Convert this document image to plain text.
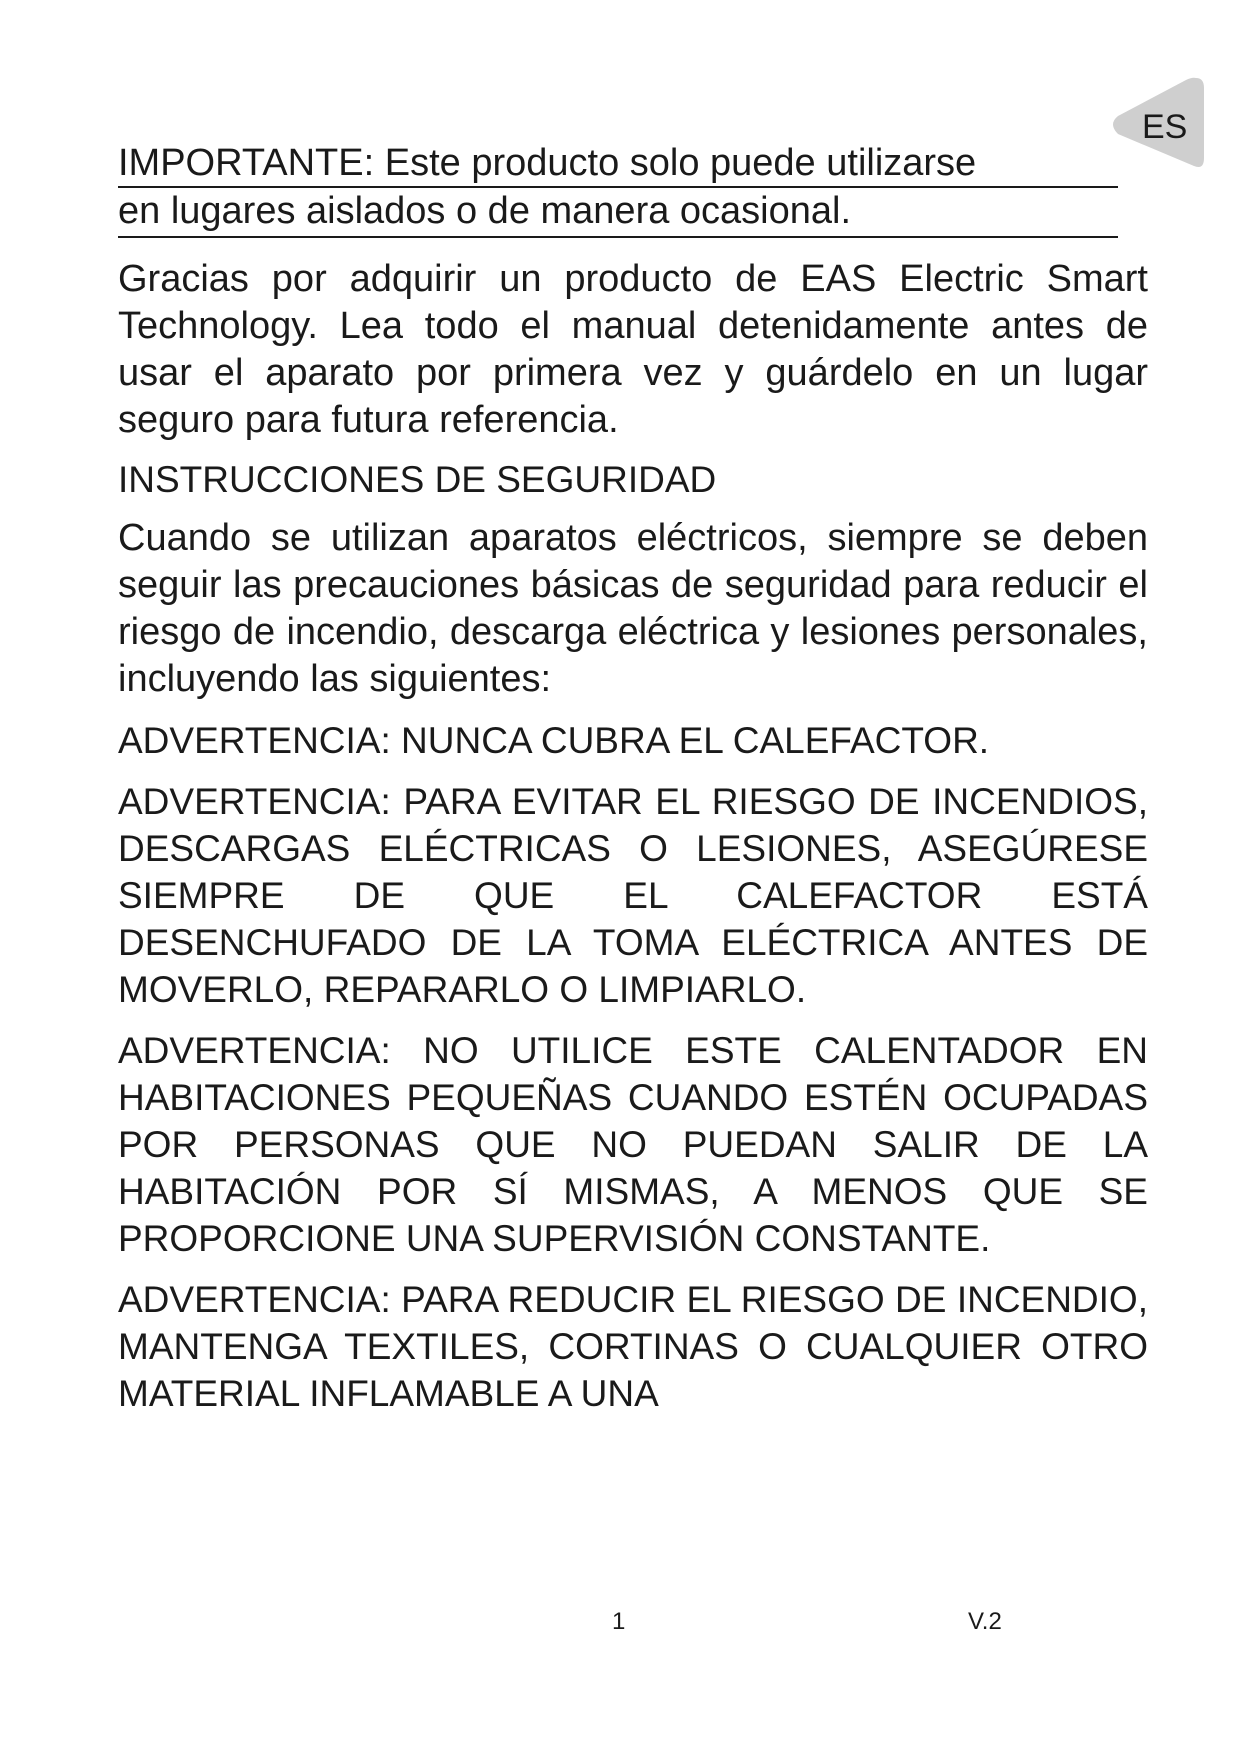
ES
IMPORTANTE: Este producto solo puede utilizarse
en lugares aislados o de manera ocasional.

Gracias por adquirir un producto de EAS Electric Smart Technology. Lea todo el manual detenidamente antes de usar el aparato por primera vez y guárdelo en un lugar seguro para futura referencia.

INSTRUCCIONES DE SEGURIDAD

Cuando se utilizan aparatos eléctricos, siempre se deben seguir las precauciones básicas de seguridad para reducir el riesgo de incendio, descarga eléctrica y lesiones personales, incluyendo las siguientes:

ADVERTENCIA: NUNCA CUBRA EL CALEFACTOR.

ADVERTENCIA: PARA EVITAR EL RIESGO DE INCENDIOS, DESCARGAS ELÉCTRICAS O LESIONES, ASEGÚRESE SIEMPRE DE QUE EL CALEFACTOR ESTÁ DESENCHUFADO DE LA TOMA ELÉCTRICA ANTES DE MOVERLO, REPARARLO O LIMPIARLO.

ADVERTENCIA: NO UTILICE ESTE CALENTADOR EN HABITACIONES PEQUEÑAS CUANDO ESTÉN OCUPADAS POR PERSONAS QUE NO PUEDAN SALIR DE LA HABITACIÓN POR SÍ MISMAS, A MENOS QUE SE PROPORCIONE UNA SUPERVISIÓN CONSTANTE.

ADVERTENCIA: PARA REDUCIR EL RIESGO DE INCENDIO, MANTENGA TEXTILES, CORTINAS O CUALQUIER OTRO MATERIAL INFLAMABLE A UNA

1	V.2
